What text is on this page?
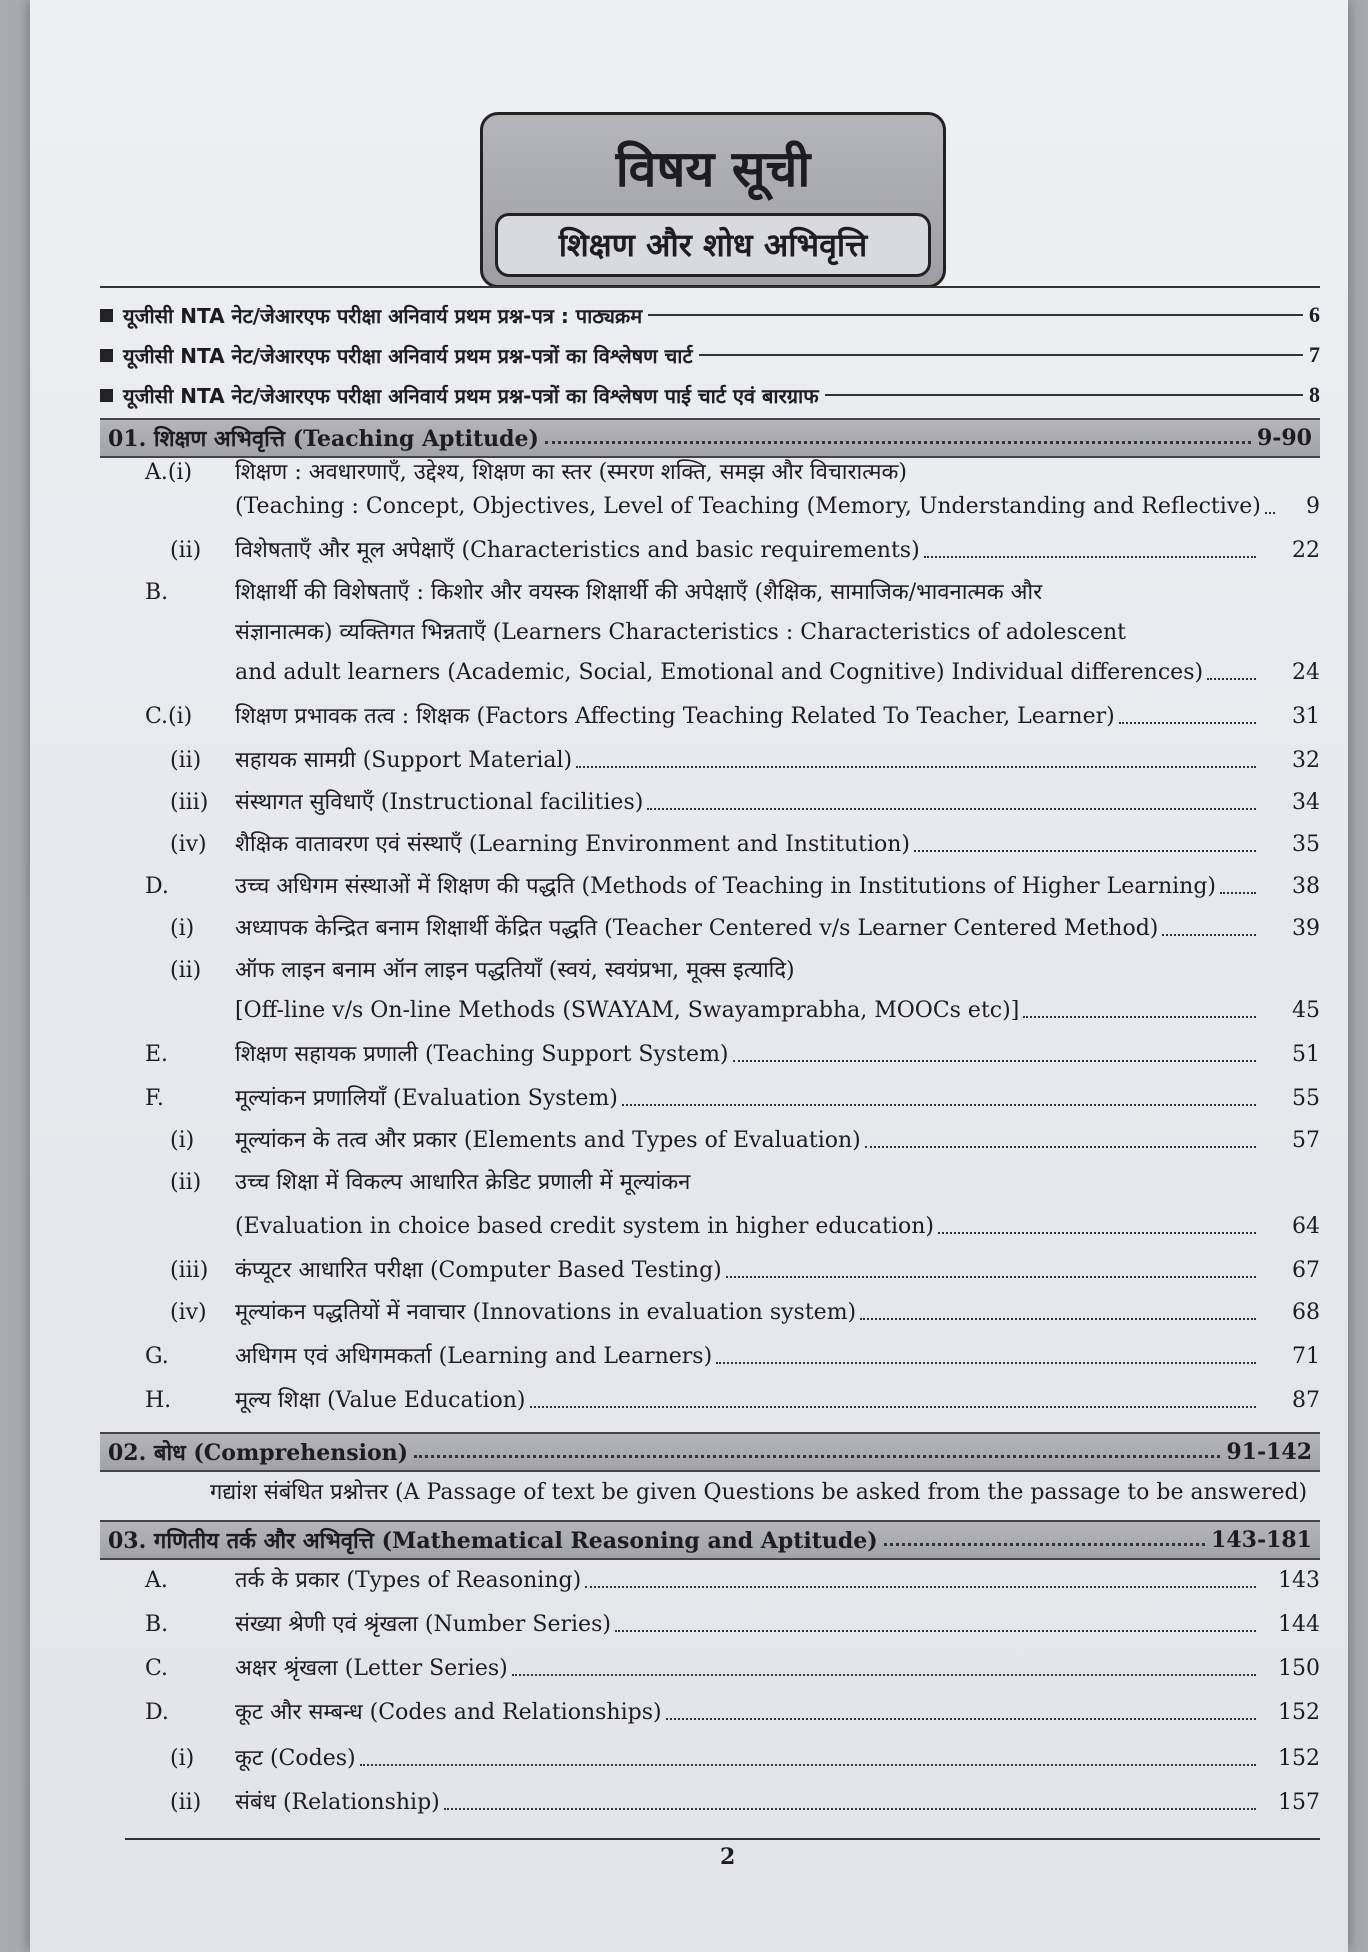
विषय सूची
शिक्षण और शोध अभिवृत्ति
यूजीसी NTA नेट/जेआरएफ परीक्षा अनिवार्य प्रथम प्रश्न-पत्र : पाठ्यक्रम	6
यूजीसी NTA नेट/जेआरएफ परीक्षा अनिवार्य प्रथम प्रश्न-पत्रों का विश्लेषण चार्ट	7
यूजीसी NTA नेट/जेआरएफ परीक्षा अनिवार्य प्रथम प्रश्न-पत्रों का विश्लेषण पाई चार्ट एवं बारग्राफ	8
01. शिक्षण अभिवृत्ति (Teaching Aptitude)	9-90
A.(i) शिक्षण : अवधारणाएँ, उद्देश्य, शिक्षण का स्तर (स्मरण शक्ति, समझ और विचारात्मक)
(Teaching : Concept, Objectives, Level of Teaching (Memory, Understanding and Reflective)	9
(ii) विशेषताएँ और मूल अपेक्षाएँ (Characteristics and basic requirements)	22
B.	शिक्षार्थी की विशेषताएँ : किशोर और वयस्क शिक्षार्थी की अपेक्षाएँ (शैक्षिक, सामाजिक/भावनात्मक और
संज्ञानात्मक) व्यक्तिगत भिन्नताएँ (Learners Characteristics : Characteristics of adolescent
and adult learners (Academic, Social, Emotional and Cognitive) Individual differences)	24
C.(i) शिक्षण प्रभावक तत्व : शिक्षक (Factors Affecting Teaching Related To Teacher, Learner)	31
(ii) सहायक सामग्री (Support Material)	32
(iii) संस्थागत सुविधाएँ (Instructional facilities)	34
(iv) शैक्षिक वातावरण एवं संस्थाएँ (Learning Environment and Institution)	35
D.	उच्च अधिगम संस्थाओं में शिक्षण की पद्धति (Methods of Teaching in Institutions of Higher Learning)	38
(i) अध्यापक केन्द्रित बनाम शिक्षार्थी केंद्रित पद्धति (Teacher Centered v/s Learner Centered Method)	39
(ii) ऑफ लाइन बनाम ऑन लाइन पद्धतियाँ (स्वयं, स्वयंप्रभा, मूक्स इत्यादि)
[Off-line v/s On-line Methods (SWAYAM, Swayamprabha, MOOCs etc)]	45
E.	शिक्षण सहायक प्रणाली (Teaching Support System)	51
F.	मूल्यांकन प्रणालियाँ (Evaluation System)	55
(i) मूल्यांकन के तत्व और प्रकार (Elements and Types of Evaluation)	57
(ii) उच्च शिक्षा में विकल्प आधारित क्रेडिट प्रणाली में मूल्यांकन
(Evaluation in choice based credit system in higher education)	64
(iii) कंप्यूटर आधारित परीक्षा (Computer Based Testing)	67
(iv) मूल्यांकन पद्धतियों में नवाचार (Innovations in evaluation system)	68
G.	अधिगम एवं अधिगमकर्ता (Learning and Learners)	71
H.	मूल्य शिक्षा (Value Education)	87
02. बोध (Comprehension)	91-142
गद्यांश संबंधित प्रश्नोत्तर (A Passage of text be given Questions be asked from the passage to be answered)
03. गणितीय तर्क और अभिवृत्ति (Mathematical Reasoning and Aptitude)	143-181
A.	तर्क के प्रकार (Types of Reasoning)	143
B.	संख्या श्रेणी एवं श्रृंखला (Number Series)	144
C.	अक्षर श्रृंखला (Letter Series)	150
D.	कूट और सम्बन्ध (Codes and Relationships)	152
(i) कूट (Codes)	152
(ii) संबंध (Relationship)	157
2
